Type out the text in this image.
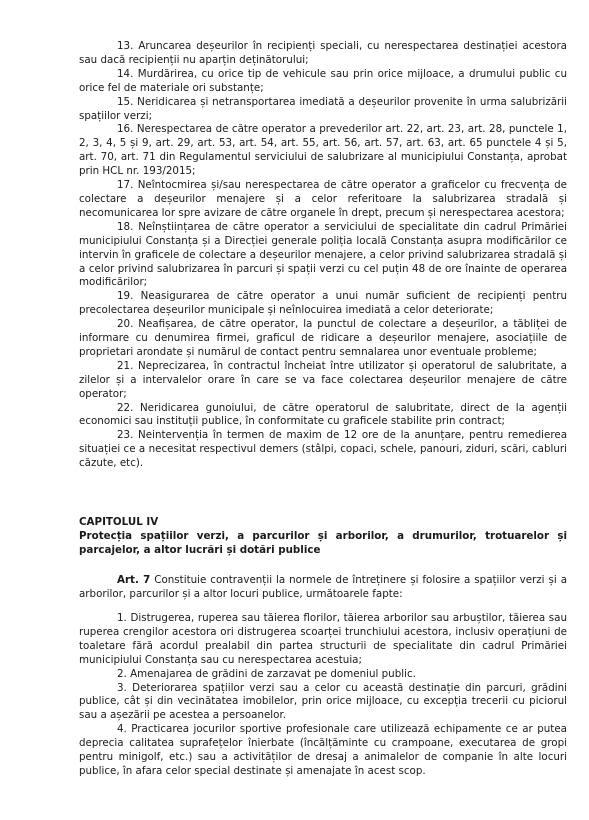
13. Aruncarea deșeurilor în recipienți speciali, cu nerespectarea destinației acestora sau dacă recipienții nu aparțin deținătorului;

14. Murdărirea, cu orice tip de vehicule sau prin orice mijloace, a drumului public cu orice fel de materiale ori substanțe;

15. Neridicarea și netransportarea imediată a deșeurilor provenite în urma salubrizării spațiilor verzi;

16. Nerespectarea de către operator a prevederilor art. 22, art. 23, art. 28, punctele 1, 2, 3, 4, 5 și 9, art. 29, art. 53, art. 54, art. 55, art. 56, art. 57, art. 63, art. 65 punctele 4 și 5, art. 70, art. 71 din Regulamentul serviciului de salubrizare al municipiului Constanța, aprobat prin HCL nr. 193/2015;

17. Neîntocmirea și/sau nerespectarea de către operator a graficelor cu frecvența de colectare a deșeurilor menajere și a celor referitoare la salubrizarea stradală și necomunicarea lor spre avizare de către organele în drept, precum și nerespectarea acestora;

18. Neînștiințarea de către operator a serviciului de specialitate din cadrul Primăriei municipiului Constanța și a Direcției generale poliția locală Constanța asupra modificărilor ce intervin în graficele de colectare a deșeurilor menajere, a celor privind salubrizarea stradală și a celor privind salubrizarea în parcuri și spații verzi cu cel puțin 48 de ore înainte de operarea modificărilor;

19. Neasigurarea de către operator a unui număr suficient de recipienți pentru precolectarea deșeurilor municipale și neînlocuirea imediată a celor deteriorate;

20. Neafișarea, de către operator, la punctul de colectare a deșeurilor, a tăbliței de informare cu denumirea firmei, graficul de ridicare a deșeurilor menajere, asociațiile de proprietari arondate și numărul de contact pentru semnalarea unor eventuale probleme;

21. Neprecizarea, în contractul încheiat între utilizator și operatorul de salubritate, a zilelor și a intervalelor orare în care se va face colectarea deșeurilor menajere de către operator;

22. Neridicarea gunoiului, de către operatorul de salubritate, direct de la agenții economici sau instituții publice, în conformitate cu graficele stabilite prin contract;

23. Neintervenția în termen de maxim de 12 ore de la anunțare, pentru remedierea situației ce a necesitat respectivul demers (stâlpi, copaci, schele, panouri, ziduri, scări, cabluri căzute, etc).

CAPITOLUL IV

Protecția spațiilor verzi, a parcurilor și arborilor, a drumurilor, trotuarelor și parcajelor, a altor lucrări și dotări publice

Art. 7 Constituie contravenții la normele de întreținere și folosire a spațiilor verzi și a arborilor, parcurilor și a altor locuri publice, următoarele fapte:

1. Distrugerea, ruperea sau tăierea florilor, tăierea arborilor sau arbuștilor, tăierea sau ruperea crengilor acestora ori distrugerea scoarței trunchiului acestora, inclusiv operațiuni de toaletare fără acordul prealabil din partea structurii de specialitate din cadrul Primăriei municipiului Constanța sau cu nerespectarea acestuia;

2. Amenajarea de grădini de zarzavat pe domeniul public.

3. Deteriorarea spațiilor verzi sau a celor cu această destinație din parcuri, grădini publice, cât și din vecinătatea imobilelor, prin orice mijloace, cu excepția trecerii cu piciorul sau a așezării pe acestea a persoanelor.

4. Practicarea jocurilor sportive profesionale care utilizează echipamente ce ar putea deprecia calitatea suprafețelor înierbate (încălțăminte cu crampoane, executarea de gropi pentru minigolf, etc.) sau a activităților de dresaj a animalelor de companie în alte locuri publice, în afara celor special destinate și amenajate în acest scop.
